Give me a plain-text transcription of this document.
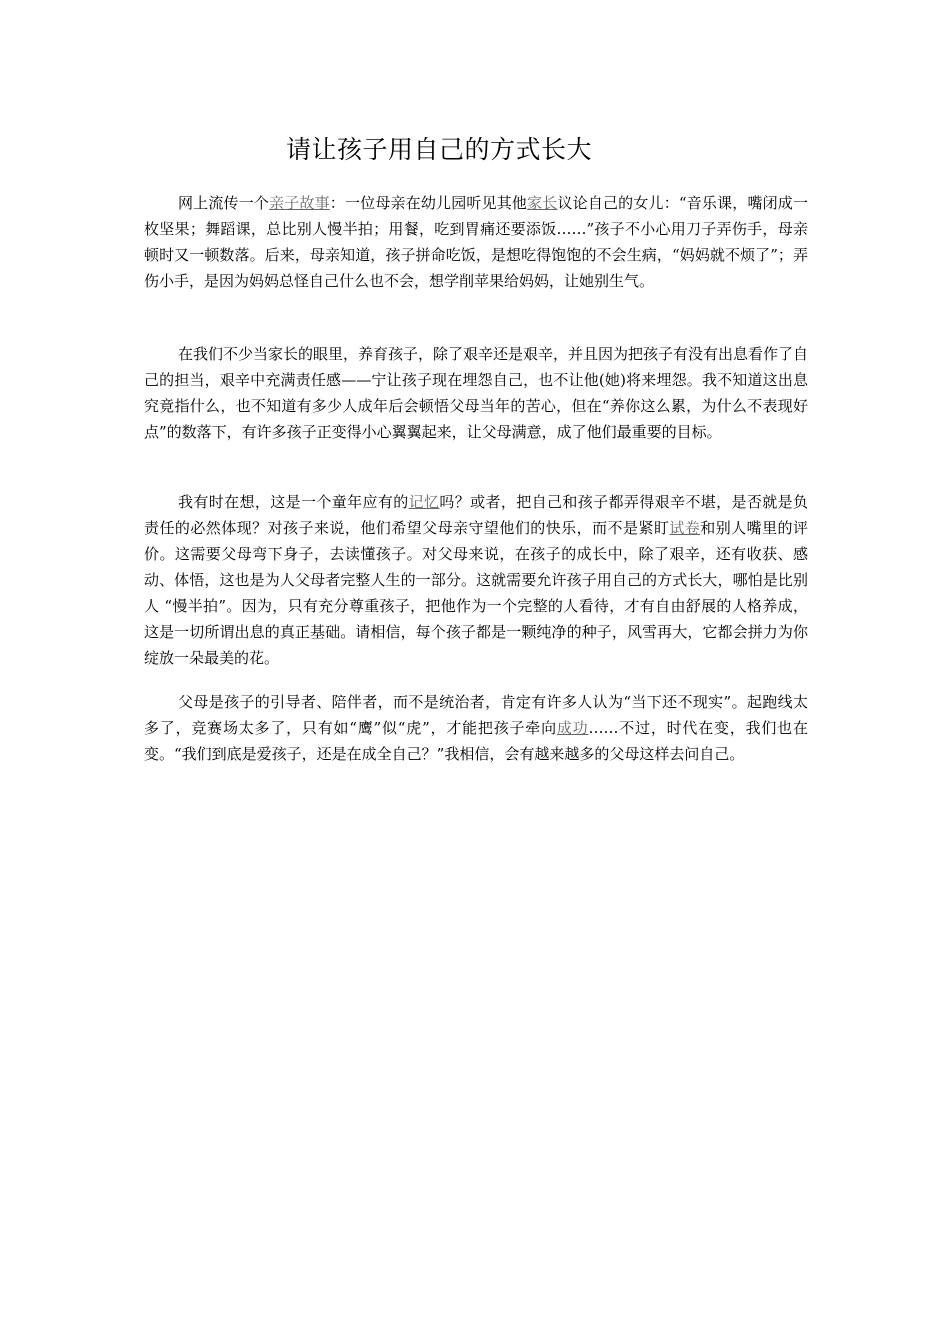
请让孩子用自己的方式长大

网上流传一个亲子故事：一位母亲在幼儿园听见其他家长议论自己的女儿：“音乐课，嘴闭成一枚坚果；舞蹈课，总比别人慢半拍；用餐，吃到胃痛还要添饭……”孩子不小心用刀子弄伤手，母亲顿时又一顿数落。后来，母亲知道，孩子拼命吃饭，是想吃得饱饱的不会生病，“妈妈就不烦了”；弄伤小手，是因为妈妈总怪自己什么也不会，想学削苹果给妈妈，让她别生气。

在我们不少当家长的眼里，养育孩子，除了艰辛还是艰辛，并且因为把孩子有没有出息看作了自己的担当，艰辛中充满责任感——宁让孩子现在埋怨自己，也不让他(她)将来埋怨。我不知道这出息究竟指什么，也不知道有多少人成年后会顿悟父母当年的苦心，但在“养你这么累，为什么不表现好点”的数落下，有许多孩子正变得小心翼翼起来，让父母满意，成了他们最重要的目标。

我有时在想，这是一个童年应有的记忆吗？或者，把自己和孩子都弄得艰辛不堪，是否就是负责任的必然体现？对孩子来说，他们希望父母亲守望他们的快乐，而不是紧盯试卷和别人嘴里的评价。这需要父母弯下身子，去读懂孩子。对父母来说，在孩子的成长中，除了艰辛，还有收获、感动、体悟，这也是为人父母者完整人生的一部分。这就需要允许孩子用自己的方式长大，哪怕是比别人 “慢半拍”。因为，只有充分尊重孩子，把他作为一个完整的人看待，才有自由舒展的人格养成，这是一切所谓出息的真正基础。请相信，每个孩子都是一颗纯净的种子，风雪再大，它都会拼力为你绽放一朵最美的花。

父母是孩子的引导者、陪伴者，而不是统治者，肯定有许多人认为“当下还不现实”。起跑线太多了，竞赛场太多了，只有如“鹰”似“虎”，才能把孩子牵向成功……不过，时代在变，我们也在变。“我们到底是爱孩子，还是在成全自己？”我相信，会有越来越多的父母这样去问自己。
